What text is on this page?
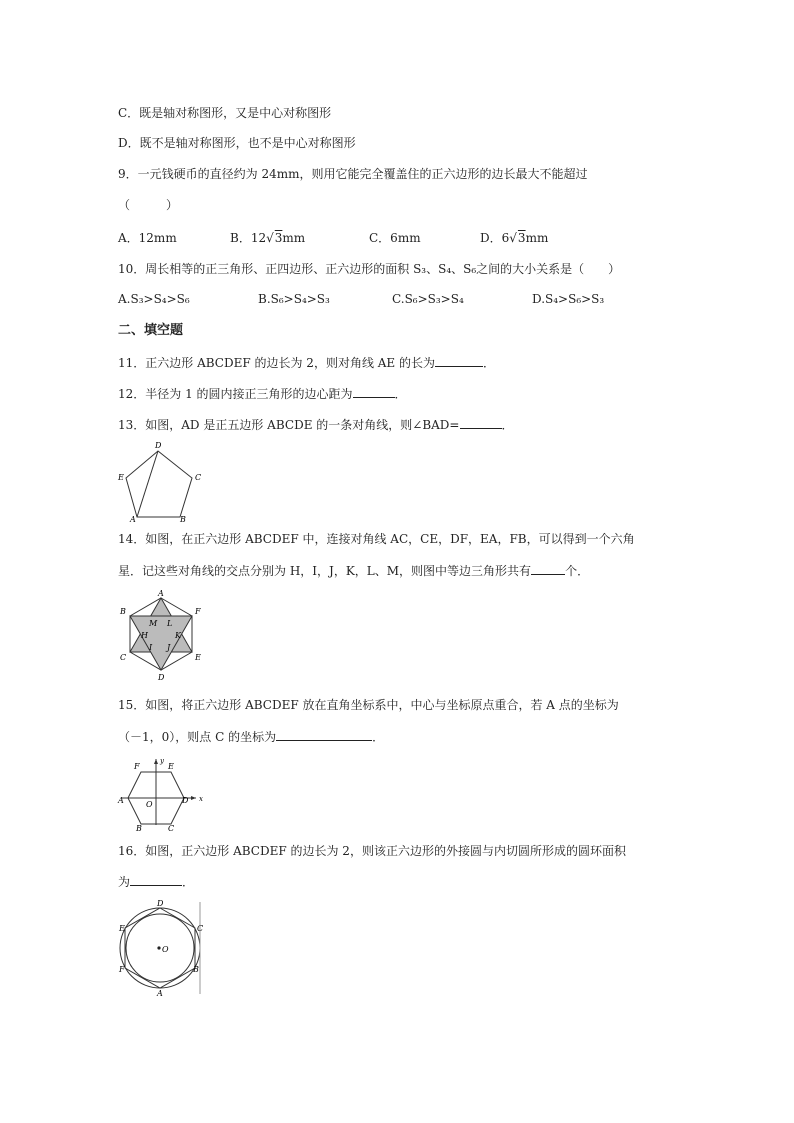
C．既是轴对称图形，又是中心对称图形
D．既不是轴对称图形，也不是中心对称图形
9．一元钱硬币的直径约为 24mm，则用它能完全覆盖住的正六边形的边长最大不能超过
（　　　）
A．12mm	B．12√3mm	C．6mm	D．6√3mm
10．周长相等的正三角形、正四边形、正六边形的面积 S₃、S₄、S₆之间的大小关系是（　　）
A.S₃>S₄>S₆	B.S₆>S₄>S₃	C.S₆>S₃>S₄	D.S₄>S₆>S₃
二、填空题
11．正六边形 ABCDEF 的边长为 2，则对角线 AE 的长为	．
12．半径为 1 的圆内接正三角形的边心距为	．
13．如图，AD 是正五边形 ABCDE 的一条对角线，则∠BAD=	．
D
C
E
A	B
14．如图，在正六边形 ABCDEF 中，连接对角线 AC，CE，DF，EA，FB，可以得到一个六角
星．记这些对角线的交点分别为 H，I，J，K，L、M，则图中等边三角形共有	个．
A
B	F
C	E
D
M L
H	K
I J
15．如图，将正六边形 ABCDEF 放在直角坐标系中，中心与坐标原点重合，若 A 点的坐标为
（－1，0），则点 C 的坐标为	．
A
F	E
D
B	C
O
x
y
16．如图，正六边形 ABCDEF 的边长为 2，则该正六边形的外接圆与内切圆所形成的圆环面积
为	．
O
D
E	C
F	B
A
